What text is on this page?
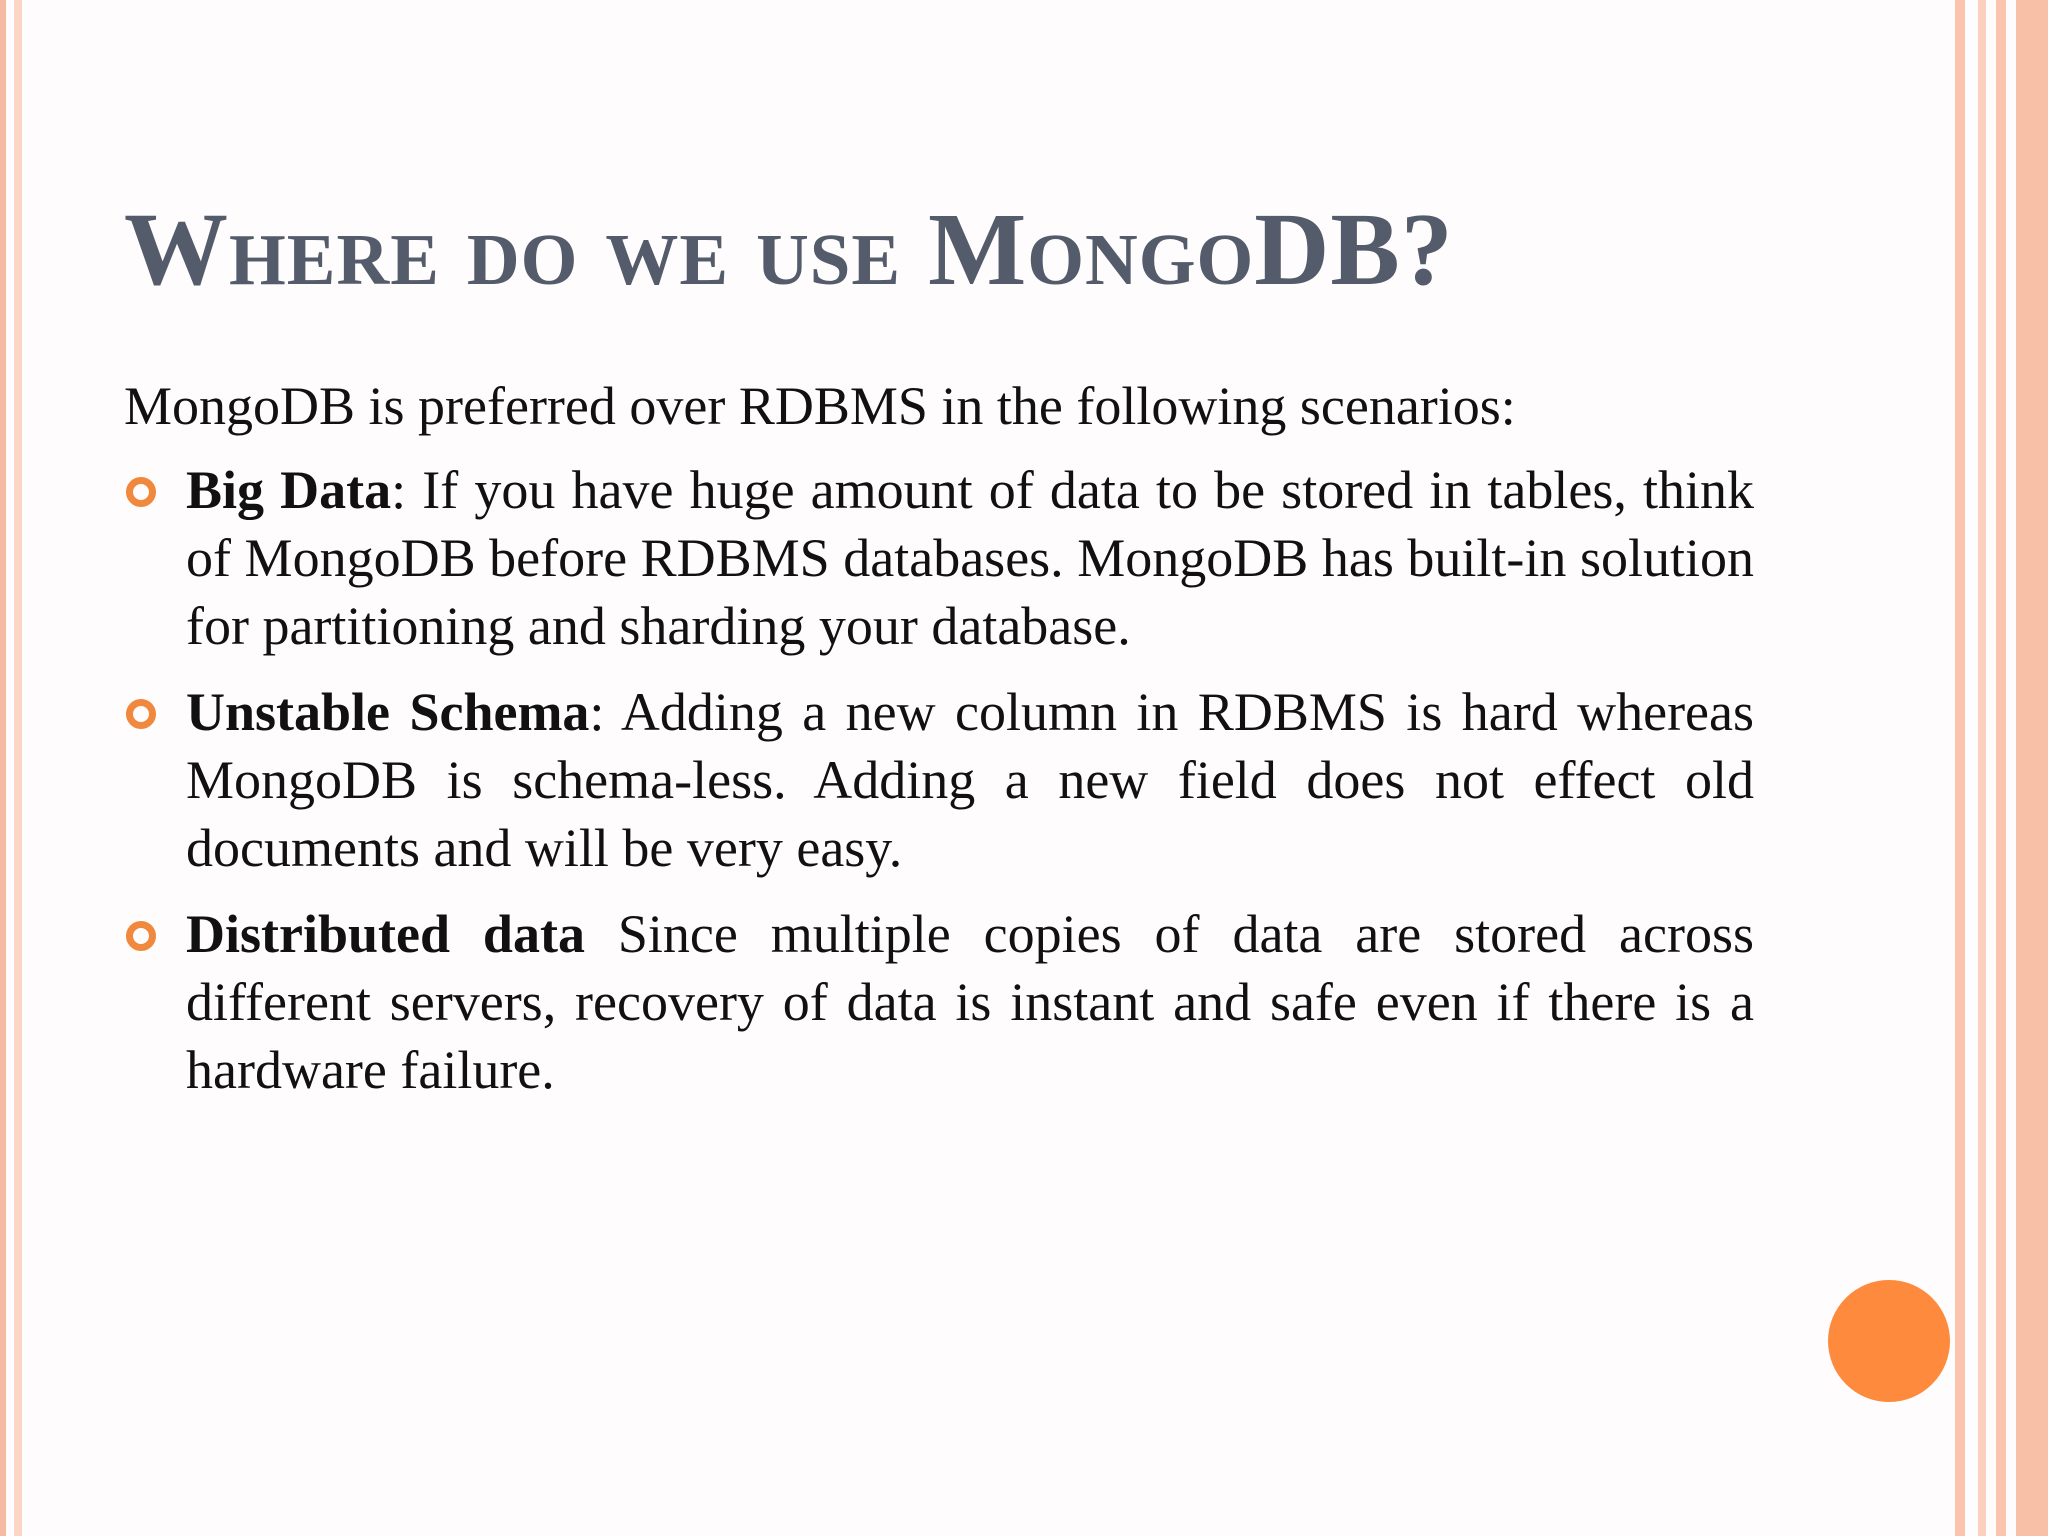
Where do we use MongoDB?
MongoDB is preferred over RDBMS in the following scenarios:
Big Data: If you have huge amount of data to be stored in tables, think of MongoDB before RDBMS databases. MongoDB has built-in solution for partitioning and sharding your database.
Unstable Schema: Adding a new column in RDBMS is hard whereas MongoDB is schema-less. Adding a new field does not effect old documents and will be very easy.
Distributed data Since multiple copies of data are stored across different servers, recovery of data is instant and safe even if there is a hardware failure.
